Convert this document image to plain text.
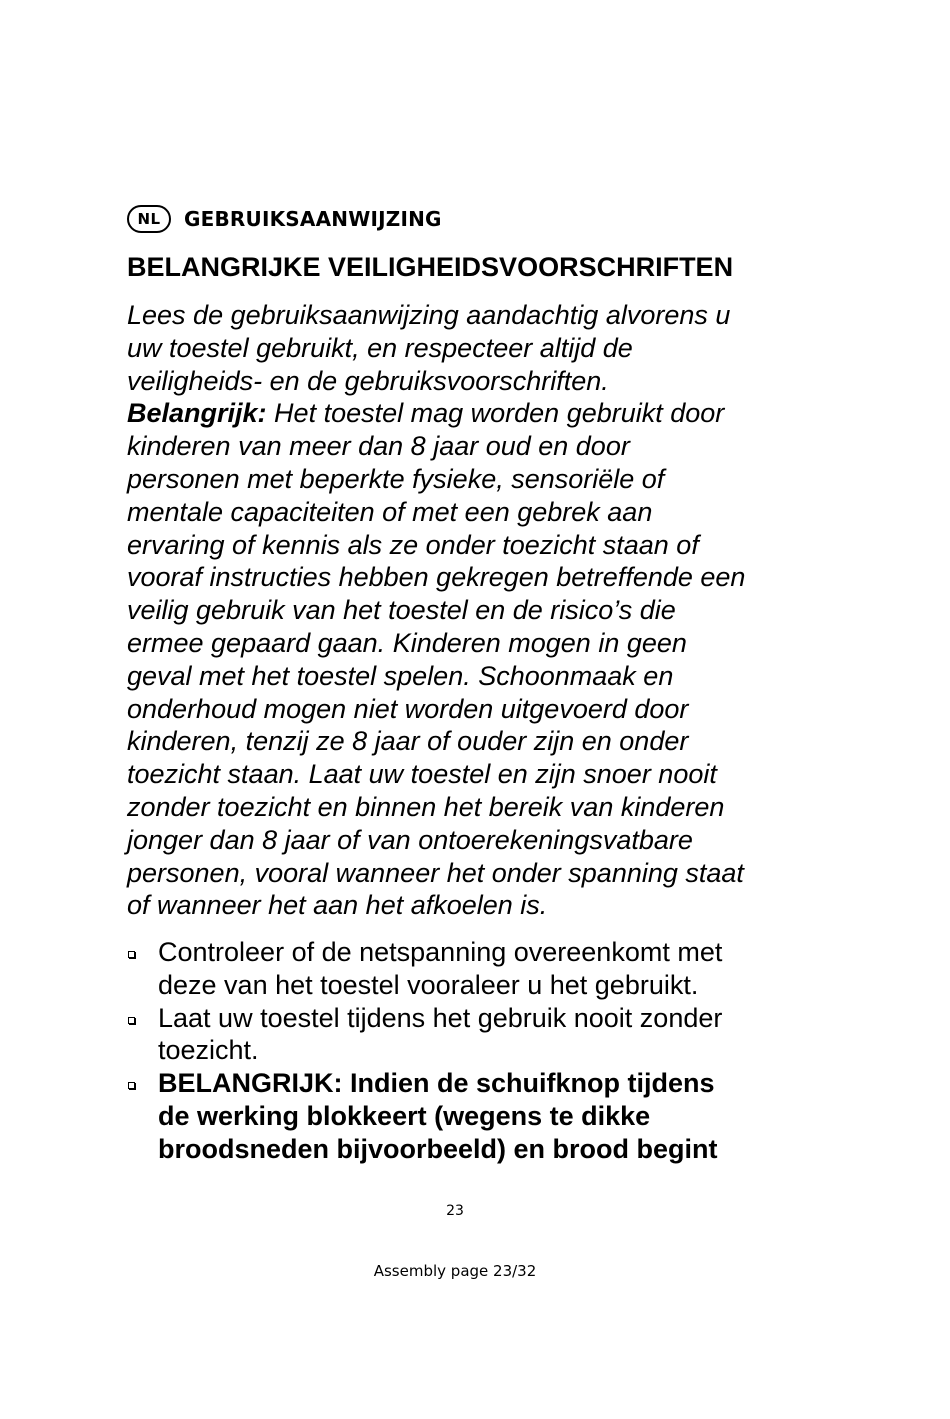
NL	GEBRUIKSAANWIJZING
BELANGRIJKE VEILIGHEIDSVOORSCHRIFTEN
Lees de gebruiksaanwijzing aandachtig alvorens u
uw toestel gebruikt, en respecteer altijd de
veiligheids- en de gebruiksvoorschriften.
Belangrijk: Het toestel mag worden gebruikt door
kinderen van meer dan 8 jaar oud en door
personen met beperkte fysieke, sensoriële of
mentale capaciteiten of met een gebrek aan
ervaring of kennis als ze onder toezicht staan of
vooraf instructies hebben gekregen betreffende een
veilig gebruik van het toestel en de risico’s die
ermee gepaard gaan. Kinderen mogen in geen
geval met het toestel spelen. Schoonmaak en
onderhoud mogen niet worden uitgevoerd door
kinderen, tenzij ze 8 jaar of ouder zijn en onder
toezicht staan. Laat uw toestel en zijn snoer nooit
zonder toezicht en binnen het bereik van kinderen
jonger dan 8 jaar of van ontoerekeningsvatbare
personen, vooral wanneer het onder spanning staat
of wanneer het aan het afkoelen is.
Controleer of de netspanning overeenkomt met
deze van het toestel vooraleer u het gebruikt.
Laat uw toestel tijdens het gebruik nooit zonder
toezicht.
BELANGRIJK: Indien de schuifknop tijdens
de werking blokkeert (wegens te dikke
broodsneden bijvoorbeeld) en brood begint
23
Assembly page 23/32
